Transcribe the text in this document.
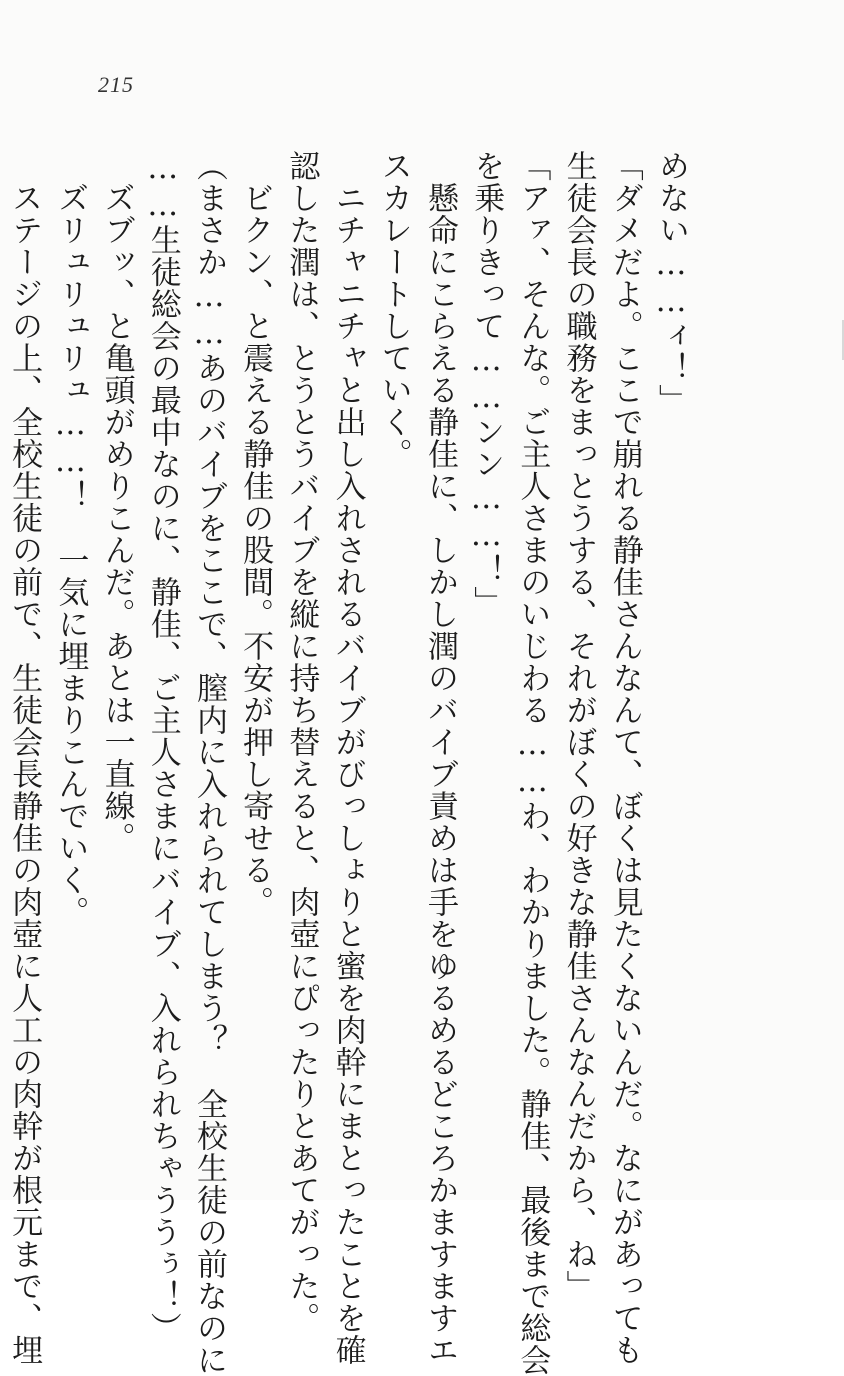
215
めない……ィ！」
「ダメだよ。ここで崩れる静佳さんなんて、ぼくは見たくないんだ。なにがあっても
生徒会長の職務をまっとうする、それがぼくの好きな静佳さんなんだから、ね」
「アァ、そんな。ご主人さまのいじわる……わ、わかりました。静佳、最後まで総会
を乗りきって……ンン……！」
　懸命にこらえる静佳に、しかし潤のバイブ責めは手をゆるめるどころかますますエ
スカレートしていく。
　ニチャニチャと出し入れされるバイブがびっしょりと蜜を肉幹にまとったことを確
認した潤は、とうとうバイブを縦に持ち替えると、肉壺にぴったりとあてがった。
　ビクン、と震える静佳の股間。不安が押し寄せる。
（まさか……あのバイブをここで、膣内に入れられてしまう？　全校生徒の前なのに
……生徒総会の最中なのに、静佳、ご主人さまにバイブ、入れられちゃううぅ！）
　ズブッ、と亀頭がめりこんだ。あとは一直線。
　ズリュリュリュ……！　一気に埋まりこんでいく。
　ステージの上、全校生徒の前で、生徒会長静佳の肉壺に人工の肉幹が根元まで、埋
